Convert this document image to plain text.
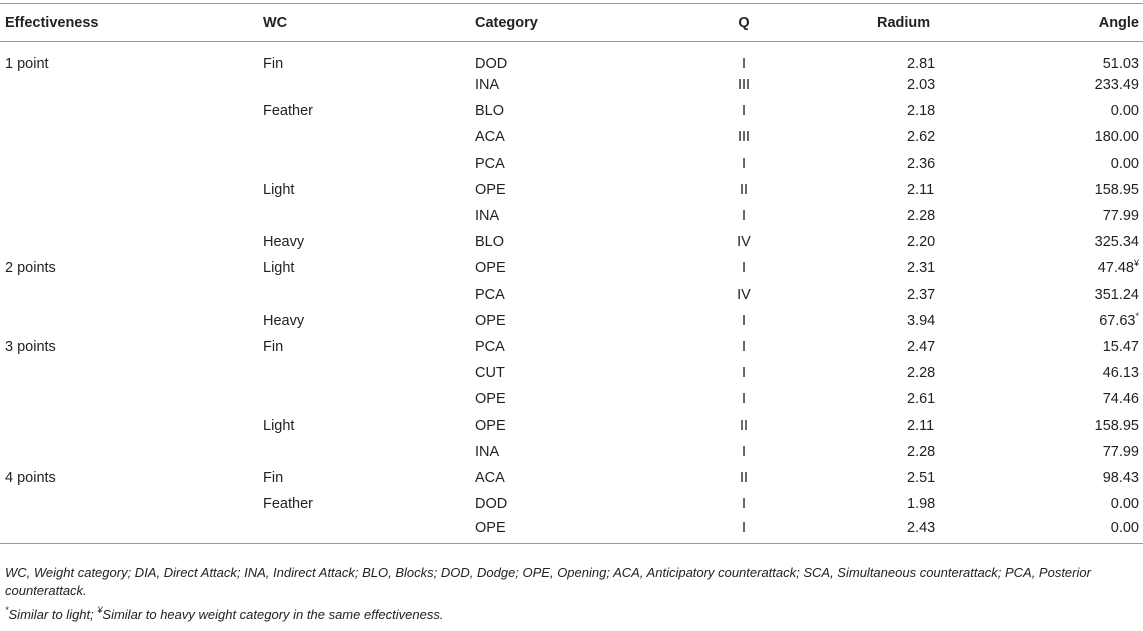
Effectiveness	WC	Category	Q	Radium	Angle
1 point	Fin	DOD	I	2.81	51.03
		INA	III	2.03	233.49
	Feather	BLO	I	2.18	0.00
		ACA	III	2.62	180.00
		PCA	I	2.36	0.00
	Light	OPE	II	2.11	158.95
		INA	I	2.28	77.99
	Heavy	BLO	IV	2.20	325.34
2 points	Light	OPE	I	2.31	47.48¥
		PCA	IV	2.37	351.24
	Heavy	OPE	I	3.94	67.63*
3 points	Fin	PCA	I	2.47	15.47
		CUT	I	2.28	46.13
		OPE	I	2.61	74.46
	Light	OPE	II	2.11	158.95
		INA	I	2.28	77.99
4 points	Fin	ACA	II	2.51	98.43
	Feather	DOD	I	1.98	0.00
		OPE	I	2.43	0.00

WC, Weight category; DIA, Direct Attack; INA, Indirect Attack; BLO, Blocks; DOD, Dodge; OPE, Opening; ACA, Anticipatory counterattack; SCA, Simultaneous counterattack; PCA, Posterior counterattack.

*Similar to light; ¥Similar to heavy weight category in the same effectiveness.
